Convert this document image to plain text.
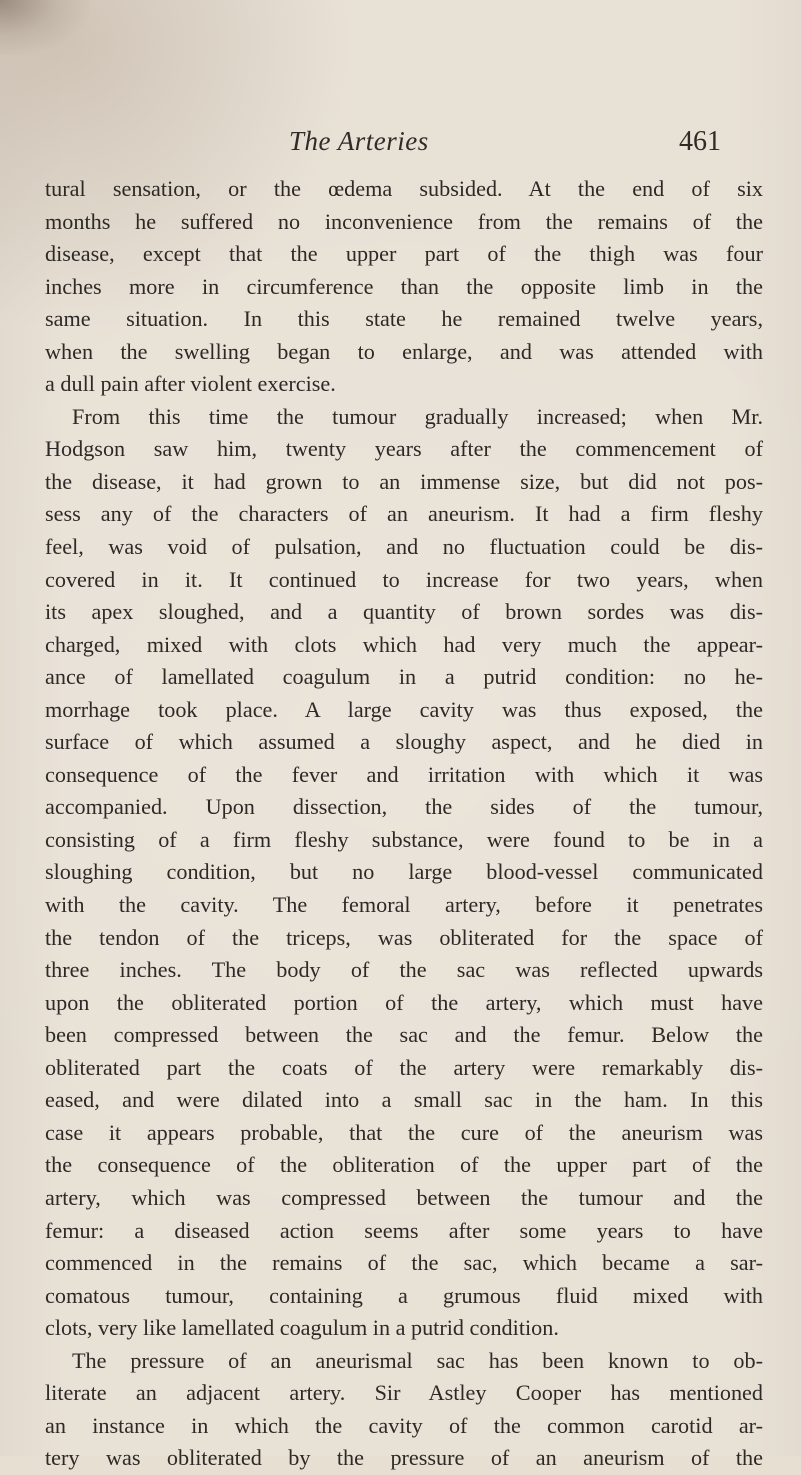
The Arteries	461
tural sensation, or the œdema subsided. At the end of six
months he suffered no inconvenience from the remains of the
disease, except that the upper part of the thigh was four
inches more in circumference than the opposite limb in the
same situation. In this state he remained twelve years,
when the swelling began to enlarge, and was attended with
a dull pain after violent exercise.
From this time the tumour gradually increased; when Mr.
Hodgson saw him, twenty years after the commencement of
the disease, it had grown to an immense size, but did not pos-
sess any of the characters of an aneurism. It had a firm fleshy
feel, was void of pulsation, and no fluctuation could be dis-
covered in it. It continued to increase for two years, when
its apex sloughed, and a quantity of brown sordes was dis-
charged, mixed with clots which had very much the appear-
ance of lamellated coagulum in a putrid condition: no he-
morrhage took place. A large cavity was thus exposed, the
surface of which assumed a sloughy aspect, and he died in
consequence of the fever and irritation with which it was
accompanied. Upon dissection, the sides of the tumour,
consisting of a firm fleshy substance, were found to be in a
sloughing condition, but no large blood-vessel communicated
with the cavity. The femoral artery, before it penetrates
the tendon of the triceps, was obliterated for the space of
three inches. The body of the sac was reflected upwards
upon the obliterated portion of the artery, which must have
been compressed between the sac and the femur. Below the
obliterated part the coats of the artery were remarkably dis-
eased, and were dilated into a small sac in the ham. In this
case it appears probable, that the cure of the aneurism was
the consequence of the obliteration of the upper part of the
artery, which was compressed between the tumour and the
femur: a diseased action seems after some years to have
commenced in the remains of the sac, which became a sar-
comatous tumour, containing a grumous fluid mixed with
clots, very like lamellated coagulum in a putrid condition.
The pressure of an aneurismal sac has been known to ob-
literate an adjacent artery. Sir Astley Cooper has mentioned
an instance in which the cavity of the common carotid ar-
tery was obliterated by the pressure of an aneurism of the
